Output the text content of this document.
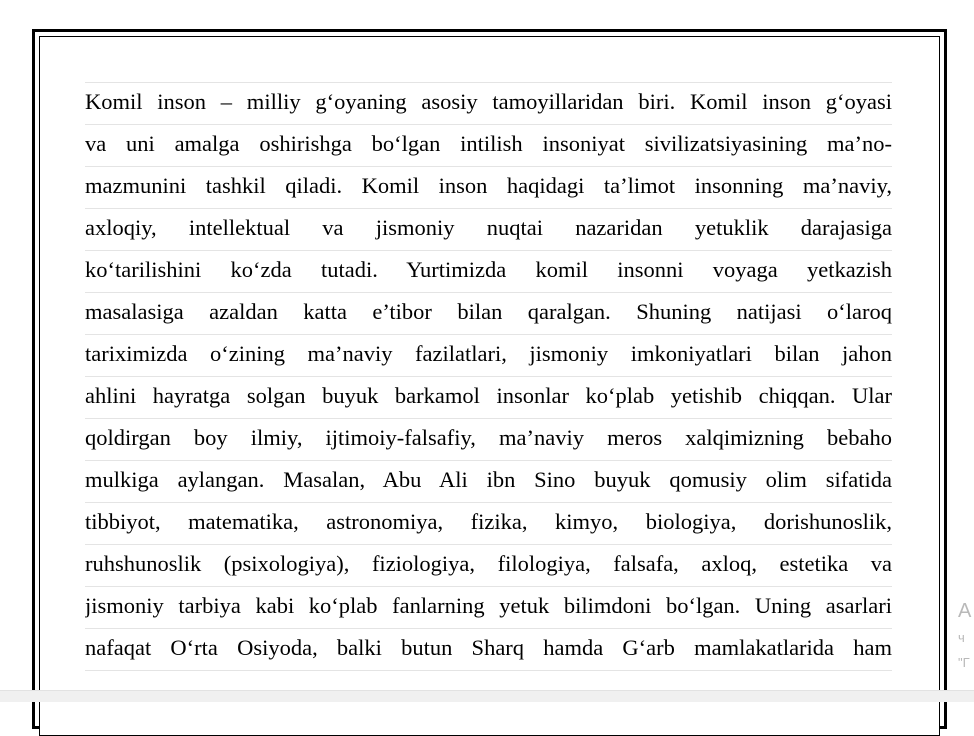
Komil inson – milliy g‘oyaning asosiy tamoyillaridan biri. Komil inson g‘oyasi
va uni amalga oshirishga bo‘lgan intilish insoniyat sivilizatsiyasining ma’no-
mazmunini tashkil qiladi. Komil inson haqidagi ta’limot insonning ma’naviy,
axloqiy, intellektual va jismoniy nuqtai nazaridan yetuklik darajasiga
ko‘tarilishini ko‘zda tutadi. Yurtimizda komil insonni voyaga yetkazish
masalasiga azaldan katta e’tibor bilan qaralgan. Shuning natijasi o‘laroq
tariximizda o‘zining ma’naviy fazilatlari, jismoniy imkoniyatlari bilan jahon
ahlini hayratga solgan buyuk barkamol insonlar ko‘plab yetishib chiqqan. Ular
qoldirgan boy ilmiy, ijtimoiy-falsafiy, ma’naviy meros xalqimizning bebaho
mulkiga aylangan. Masalan, Abu Ali ibn Sino buyuk qomusiy olim sifatida
tibbiyot, matematika, astronomiya, fizika, kimyo, biologiya, dorishunoslik,
ruhshunoslik (psixologiya), fiziologiya, filologiya, falsafa, axloq, estetika va
jismoniy tarbiya kabi ko‘plab fanlarning yetuk bilimdoni bo‘lgan. Uning asarlari
nafaqat O‘rta Osiyoda, balki butun Sharq hamda G‘arb mamlakatlarida ham
A
ч
"Г
